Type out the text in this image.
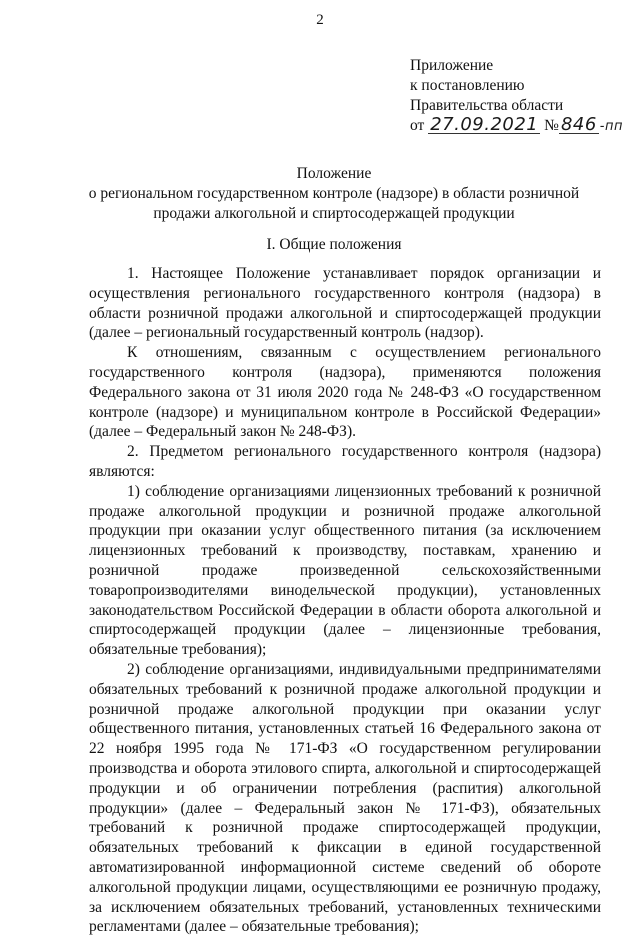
2
Приложение
к постановлению
Правительства области
от
27.09.2021
№ 846 -пп
Положение
о региональном государственном контроле (надзоре) в области розничной
продажи алкогольной и спиртосодержащей продукции
I. Общие положения

1. Настоящее Положение устанавливает порядок организации и осуществления регионального государственного контроля (надзора) в области розничной продажи алкогольной и спиртосодержащей продукции (далее – региональный государственный контроль (надзор).

К отношениям, связанным с осуществлением регионального государственного контроля (надзора), применяются положения Федерального закона от 31 июля 2020 года № 248-ФЗ «О государственном контроле (надзоре) и муниципальном контроле в Российской Федерации» (далее – Федеральный закон № 248-ФЗ).

2. Предметом регионального государственного контроля (надзора) являются:

1) соблюдение организациями лицензионных требований к розничной продаже алкогольной продукции и розничной продаже алкогольной продукции при оказании услуг общественного питания (за исключением лицензионных требований к производству, поставкам, хранению и розничной продаже произведенной сельскохозяйственными товаропроизводителями винодельческой продукции), установленных законодательством Российской Федерации в области оборота алкогольной и спиртосодержащей продукции (далее – лицензионные требования, обязательные требования);

2) соблюдение организациями, индивидуальными предпринимателями обязательных требований к розничной продаже алкогольной продукции и розничной продаже алкогольной продукции при оказании услуг общественного питания, установленных статьей 16 Федерального закона от 22 ноября 1995 года № 171-ФЗ «О государственном регулировании производства и оборота этилового спирта, алкогольной и спиртосодержащей продукции и об ограничении потребления (распития) алкогольной продукции» (далее – Федеральный закон № 171-ФЗ), обязательных требований к розничной продаже спиртосодержащей продукции, обязательных требований к фиксации в единой государственной автоматизированной информационной системе сведений об обороте алкогольной продукции лицами, осуществляющими ее розничную продажу, за исключением обязательных требований, установленных техническими регламентами (далее – обязательные требования);
